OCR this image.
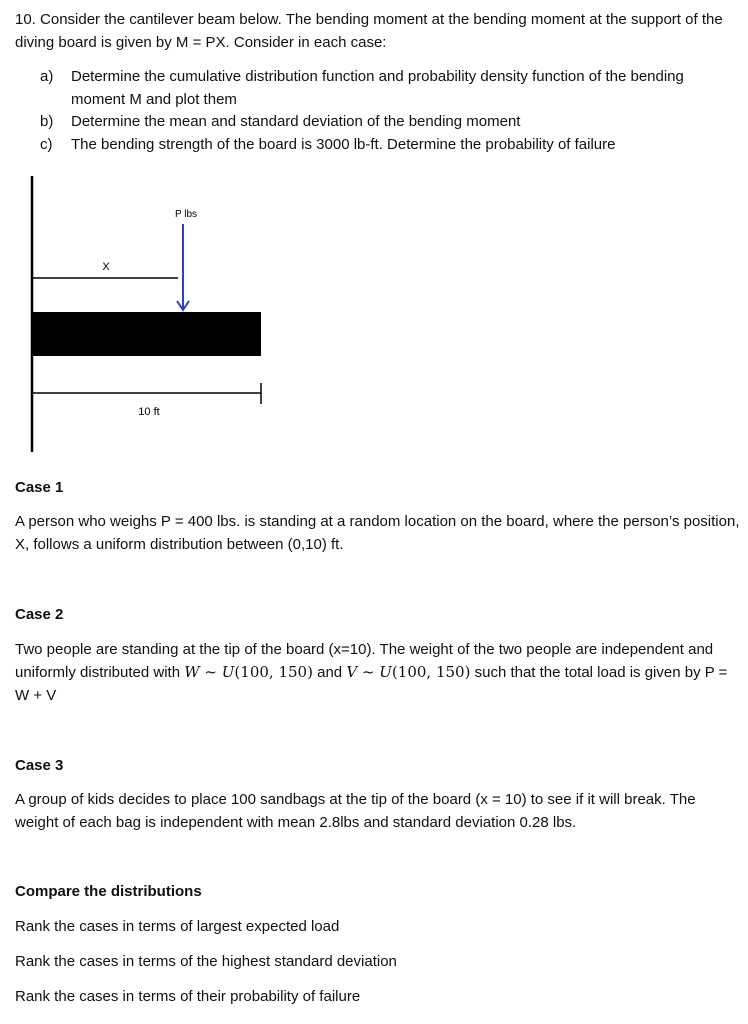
10. Consider the cantilever beam below. The bending moment at the bending moment at the support of the diving board is given by M = PX. Consider in each case:

a) Determine the cumulative distribution function and probability density function of the bending moment M and plot them
b) Determine the mean and standard deviation of the bending moment
c) The bending strength of the board is 3000 lb-ft. Determine the probability of failure
X
P lbs
10 ft
Case 1

A person who weighs P = 400 lbs. is standing at a random location on the board, where the person’s position, X, follows a uniform distribution between (0,10) ft.

Case 2

Two people are standing at the tip of the board (x=10). The weight of the two people are independent and uniformly distributed with W ~ U(100, 150) and V ~ U(100, 150) such that the total load is given by P = W + V

Case 3

A group of kids decides to place 100 sandbags at the tip of the board (x = 10) to see if it will break. The weight of each bag is independent with mean 2.8lbs and standard deviation 0.28 lbs.

Compare the distributions

Rank the cases in terms of largest expected load

Rank the cases in terms of the highest standard deviation

Rank the cases in terms of their probability of failure
